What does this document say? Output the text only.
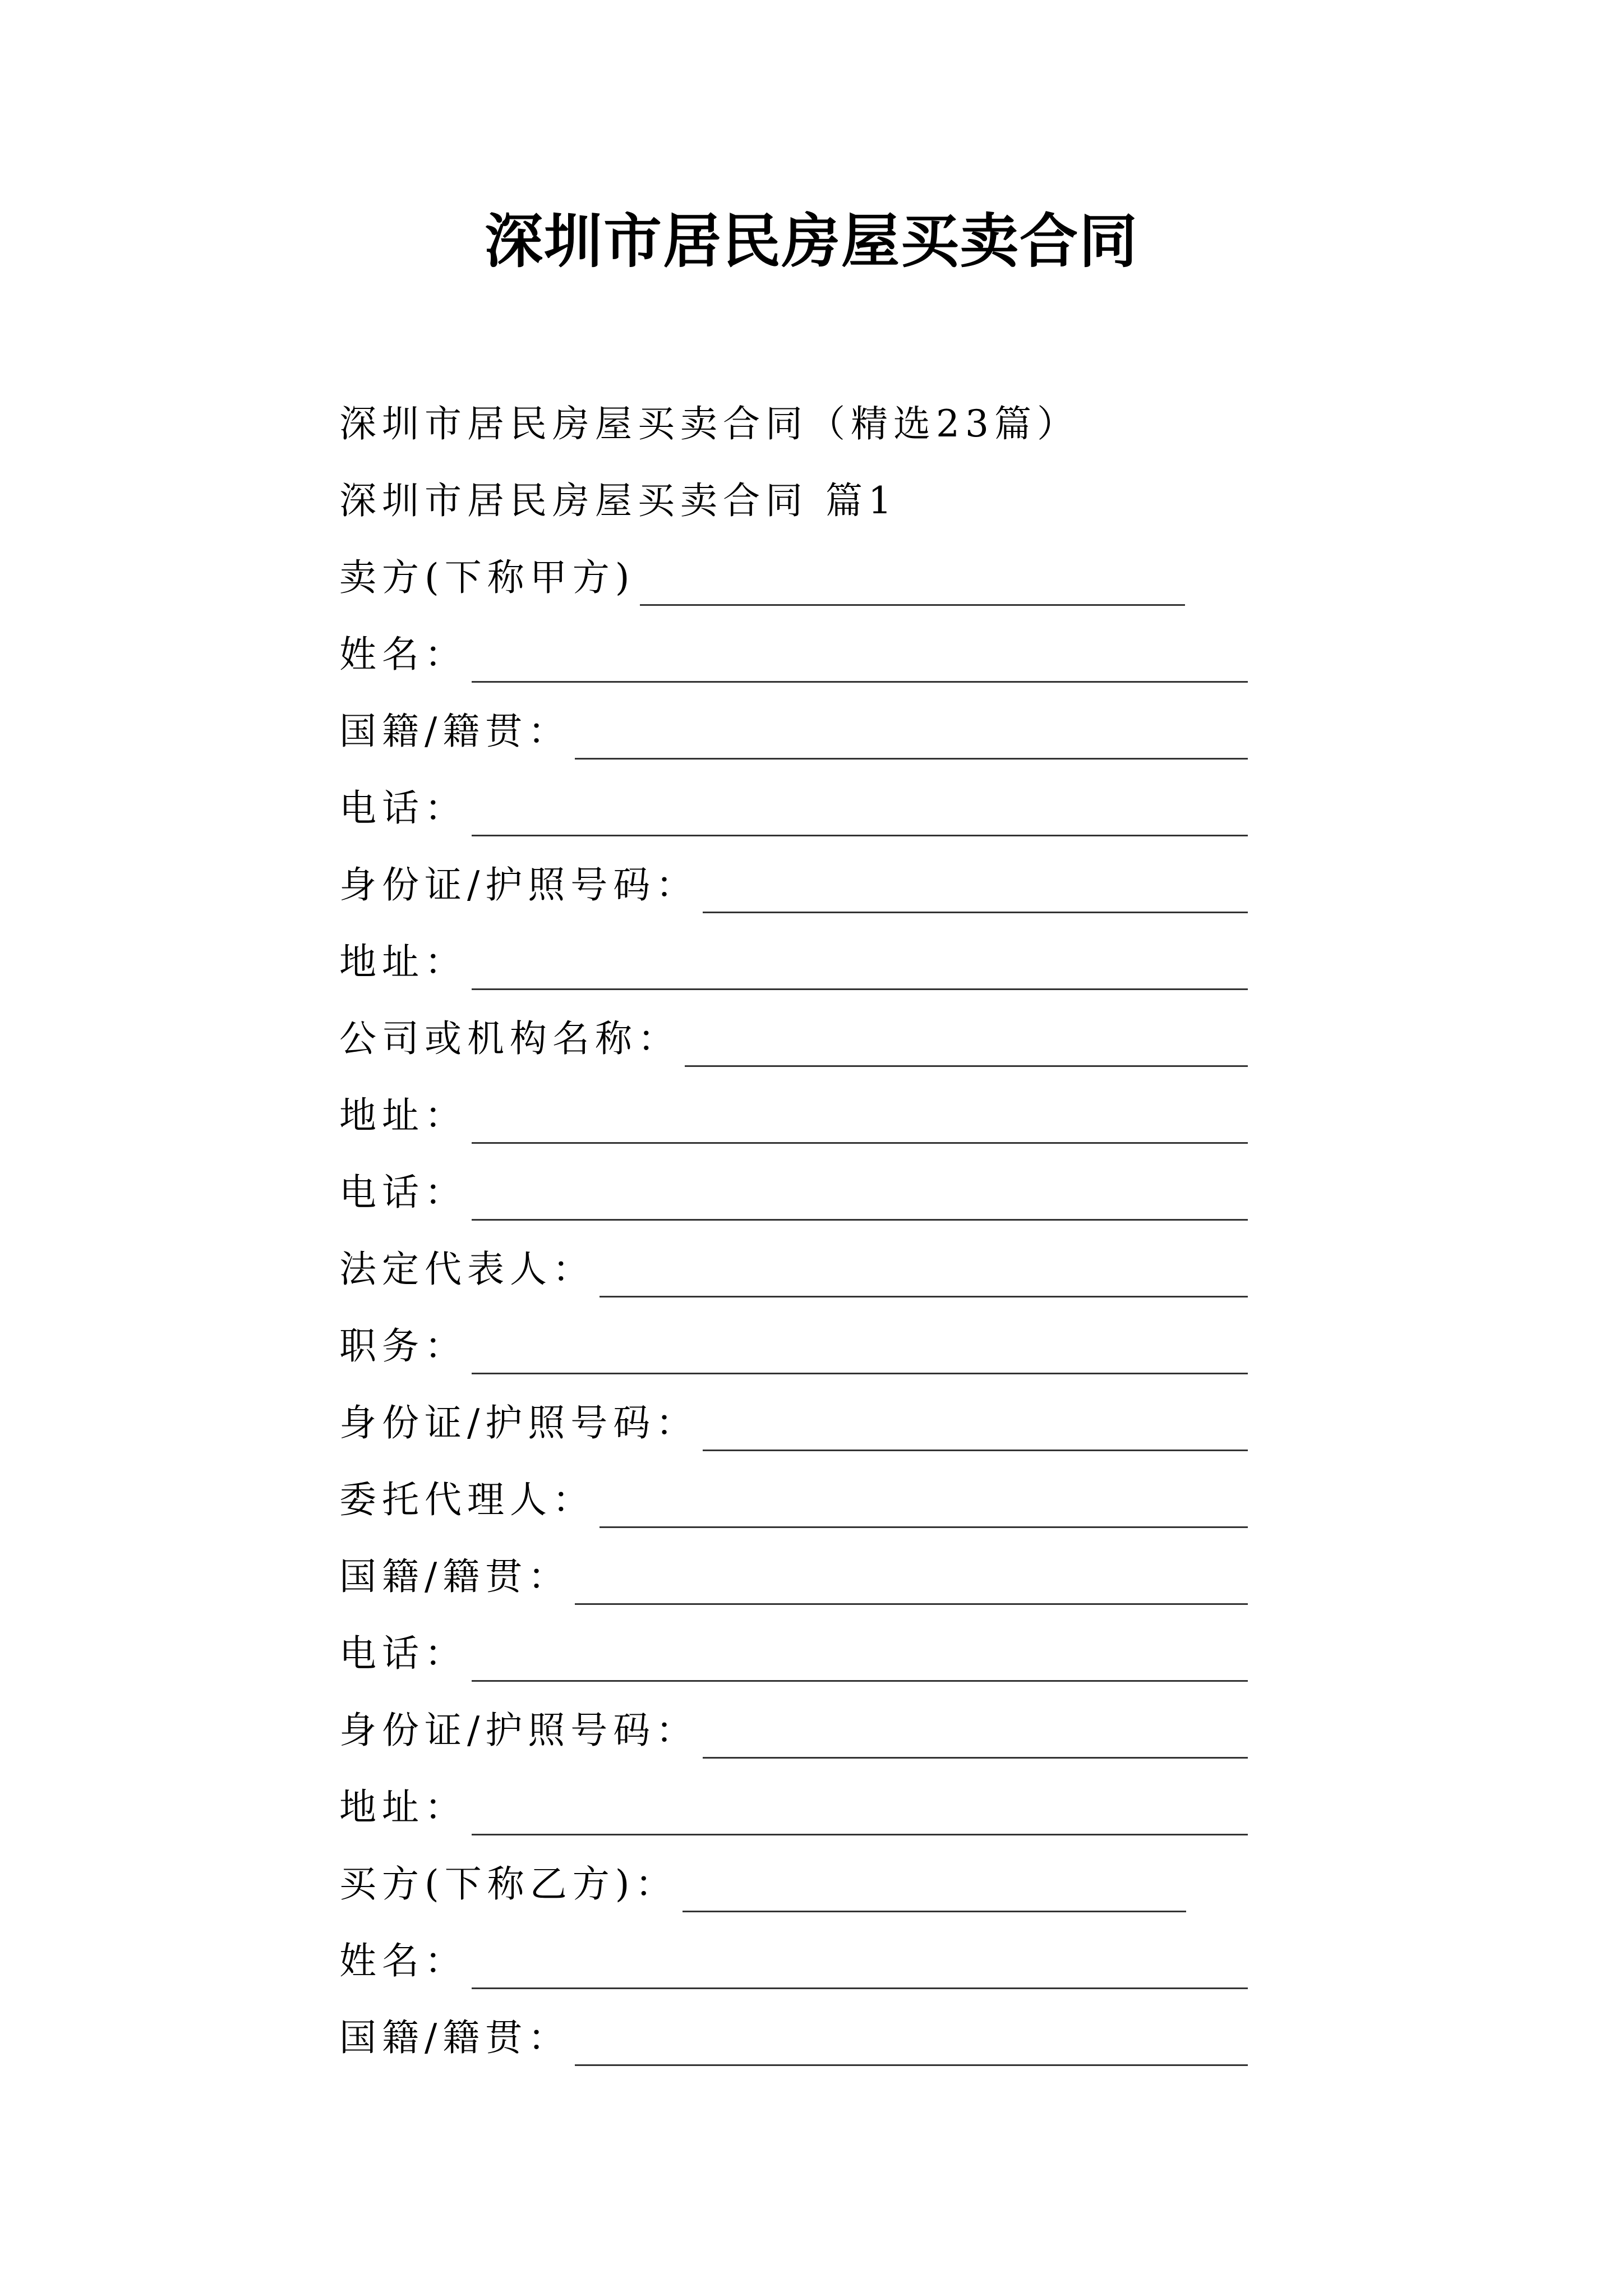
深圳市居民房屋买卖合同
深圳市居民房屋买卖合同（精选23篇）
深圳市居民房屋买卖合同 篇1
卖方(下称甲方)
姓名：
国籍/籍贯：
电话：
身份证/护照号码：
地址：
公司或机构名称：
地址：
电话：
法定代表人：
职务：
身份证/护照号码：
委托代理人：
国籍/籍贯：
电话：
身份证/护照号码：
地址：
买方(下称乙方)：
姓名：
国籍/籍贯：
